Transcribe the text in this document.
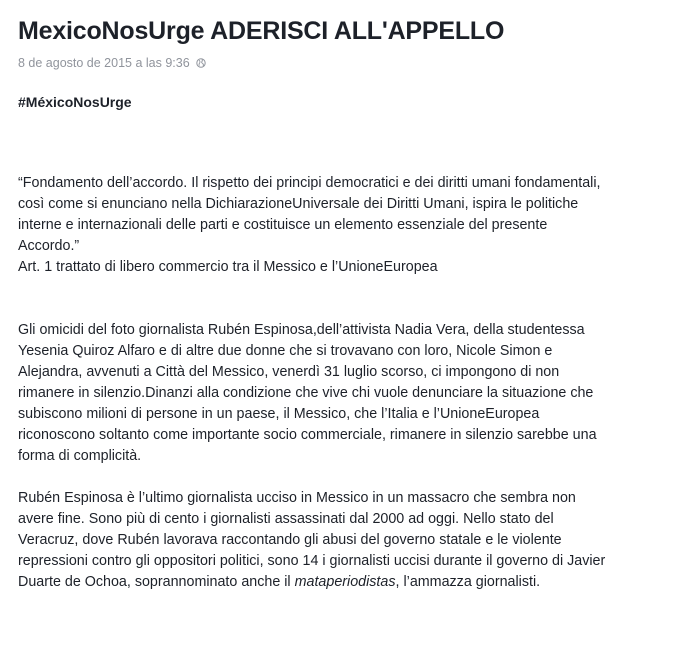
MexicoNosUrge ADERISCI ALL'APPELLO
8 de agosto de 2015 a las 9:36
#MéxicoNosUrge

“Fondamento dell’accordo. Il rispetto dei principi democratici e dei diritti umani fondamentali,
così come si enunciano nella DichiarazioneUniversale dei Diritti Umani, ispira le politiche
interne e internazionali delle parti e costituisce un elemento essenziale del presente
Accordo.”

Art. 1 trattato di libero commercio tra il Messico e l’UnioneEuropea

Gli omicidi del foto giornalista Rubén Espinosa,dell’attivista Nadia Vera, della studentessa
Yesenia Quiroz Alfaro e di altre due donne che si trovavano con loro, Nicole Simon e
Alejandra, avvenuti a Città del Messico, venerdì 31 luglio scorso, ci impongono di non
rimanere in silenzio.Dinanzi alla condizione che vive chi vuole denunciare la situazione che
subiscono milioni di persone in un paese, il Messico, che l’Italia e l’UnioneEuropea
riconoscono soltanto come importante socio commerciale, rimanere in silenzio sarebbe una
forma di complicità.

Rubén Espinosa è l’ultimo giornalista ucciso in Messico in un massacro che sembra non
avere fine. Sono più di cento i giornalisti assassinati dal 2000 ad oggi. Nello stato del
Veracruz, dove Rubén lavorava raccontando gli abusi del governo statale e le violente
repressioni contro gli oppositori politici, sono 14 i giornalisti uccisi durante il governo di Javier
Duarte de Ochoa, soprannominato anche il mataperiodistas, l’ammazza giornalisti.
